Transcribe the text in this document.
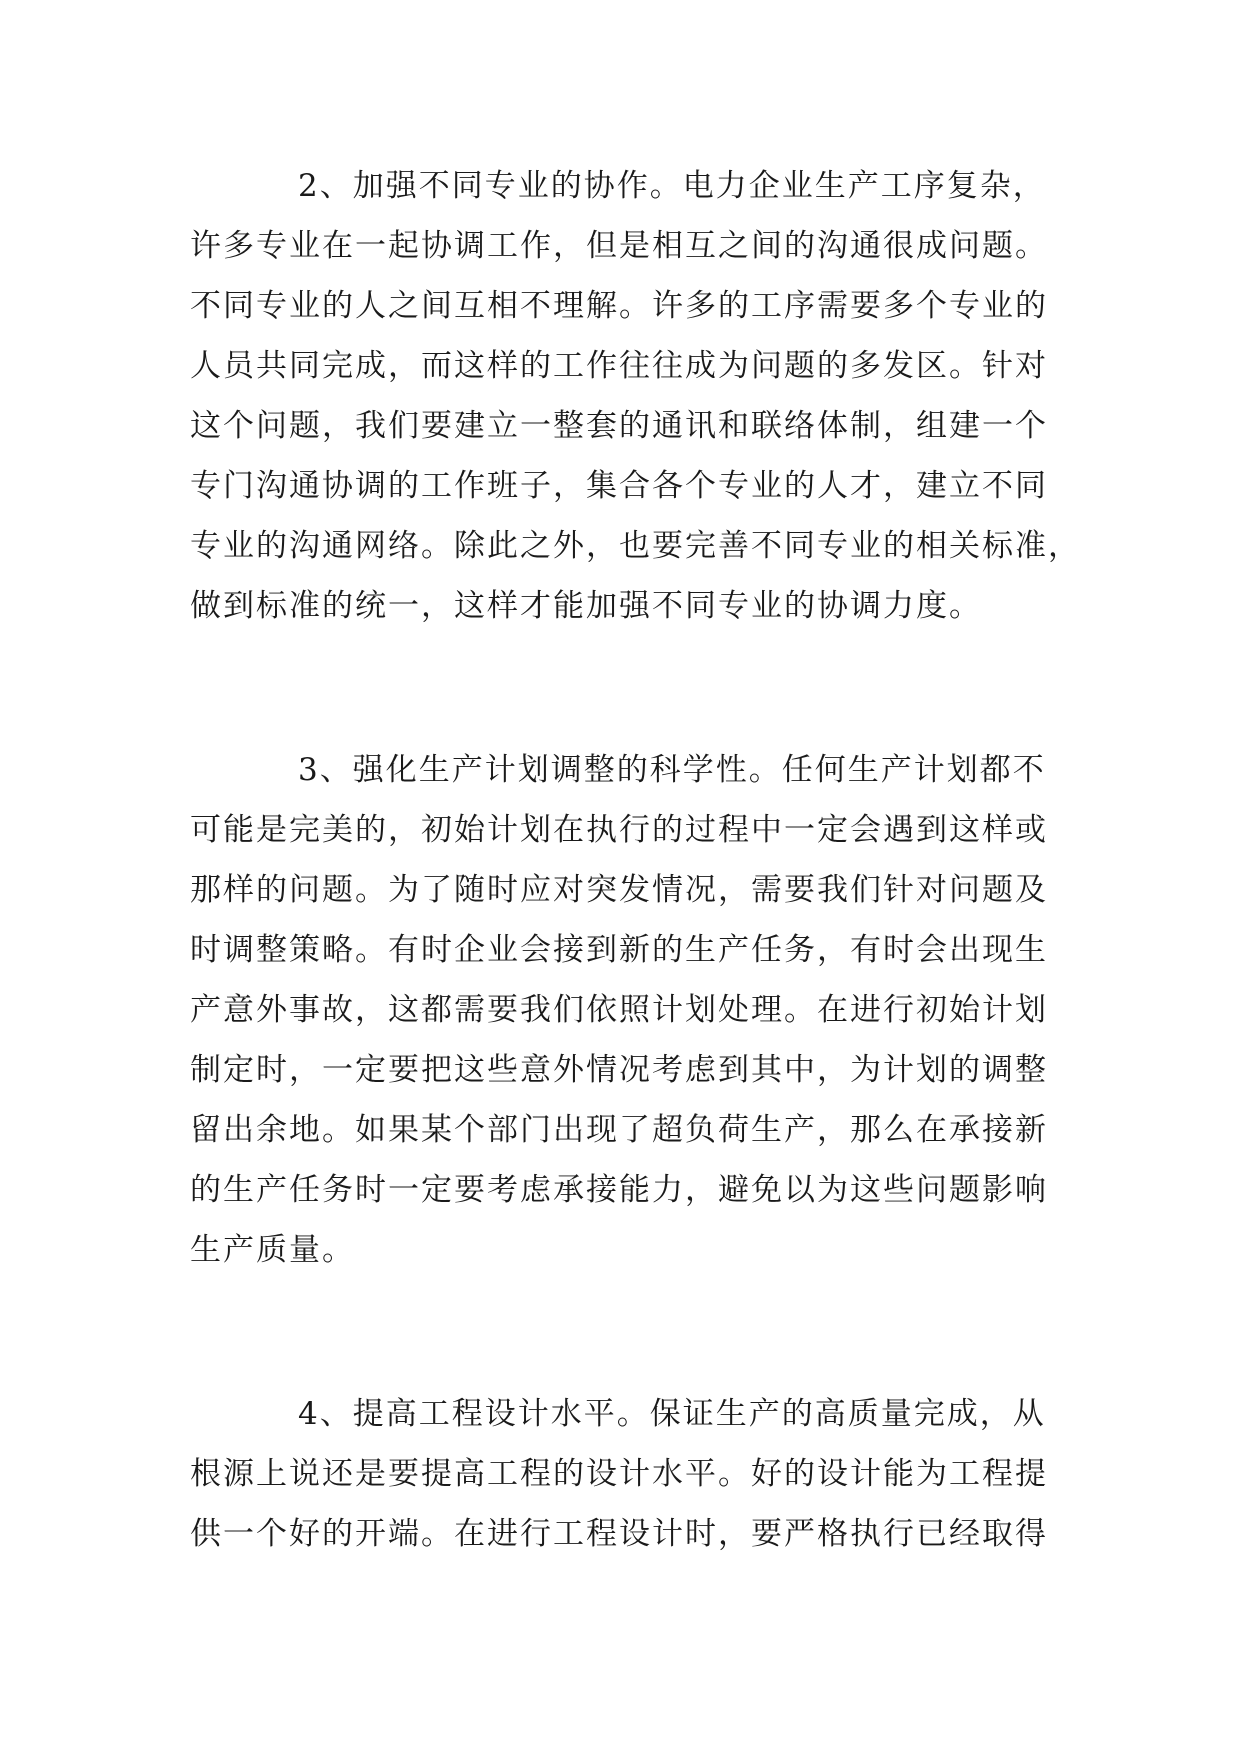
2、加强不同专业的协作。电力企业生产工序复杂，
许多专业在一起协调工作，但是相互之间的沟通很成问题。
不同专业的人之间互相不理解。许多的工序需要多个专业的
人员共同完成，而这样的工作往往成为问题的多发区。针对
这个问题，我们要建立一整套的通讯和联络体制，组建一个
专门沟通协调的工作班子，集合各个专业的人才，建立不同
专业的沟通网络。除此之外，也要完善不同专业的相关标准，
做到标准的统一，这样才能加强不同专业的协调力度。
3、强化生产计划调整的科学性。任何生产计划都不
可能是完美的，初始计划在执行的过程中一定会遇到这样或
那样的问题。为了随时应对突发情况，需要我们针对问题及
时调整策略。有时企业会接到新的生产任务，有时会出现生
产意外事故，这都需要我们依照计划处理。在进行初始计划
制定时，一定要把这些意外情况考虑到其中，为计划的调整
留出余地。如果某个部门出现了超负荷生产，那么在承接新
的生产任务时一定要考虑承接能力，避免以为这些问题影响
生产质量。
4、提高工程设计水平。保证生产的高质量完成，从
根源上说还是要提高工程的设计水平。好的设计能为工程提
供一个好的开端。在进行工程设计时，要严格执行已经取得
